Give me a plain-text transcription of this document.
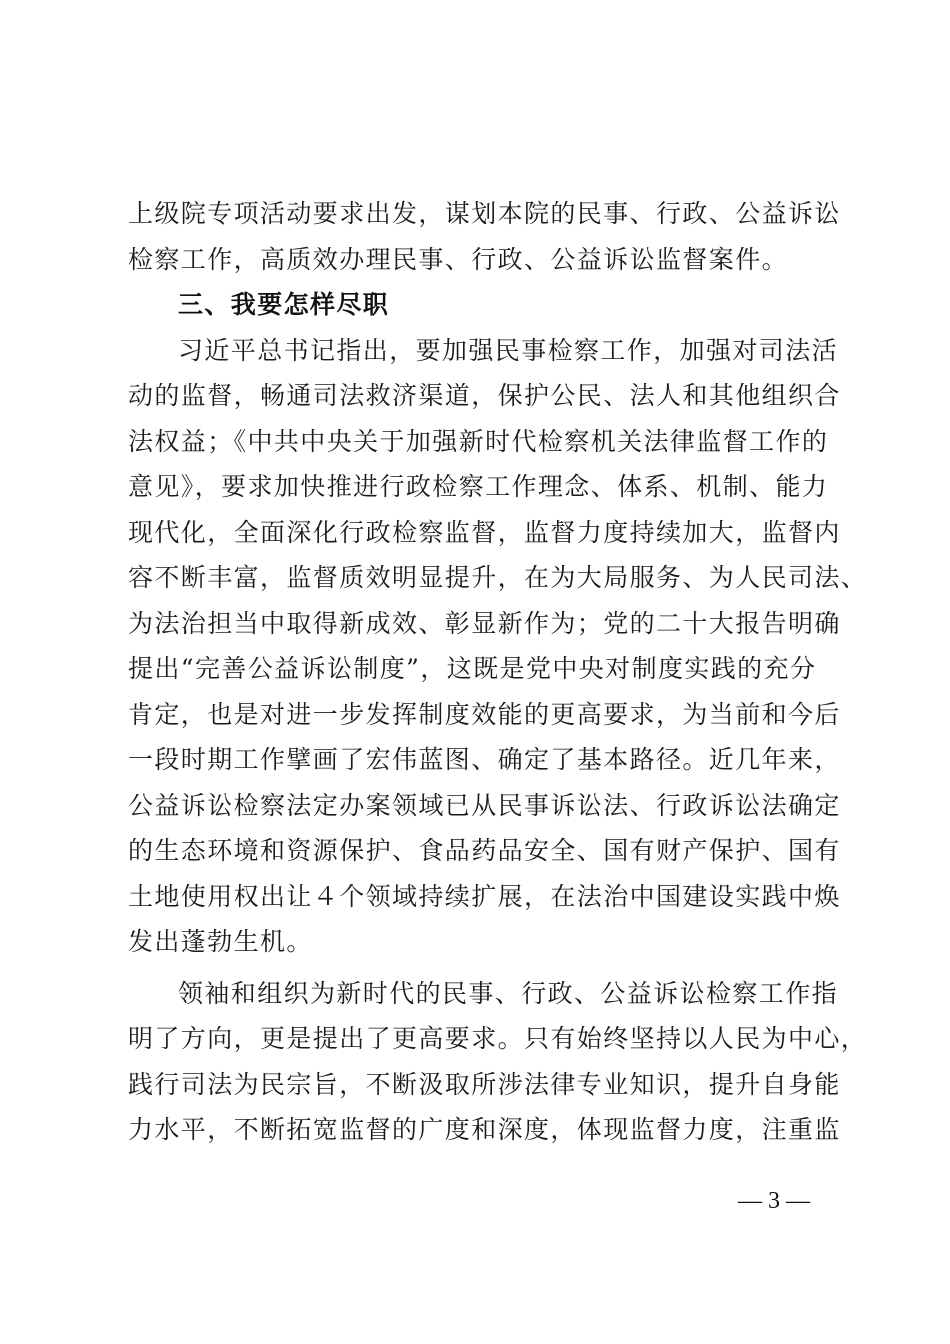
上级院专项活动要求出发，谋划本院的民事、行政、公益诉讼
检察工作，高质效办理民事、行政、公益诉讼监督案件。
三、我要怎样尽职
习近平总书记指出，要加强民事检察工作，加强对司法活
动的监督，畅通司法救济渠道，保护公民、法人和其他组织合
法权益；《中共中央关于加强新时代检察机关法律监督工作的
意见》，要求加快推进行政检察工作理念、体系、机制、能力
现代化，全面深化行政检察监督，监督力度持续加大，监督内
容不断丰富，监督质效明显提升，在为大局服务、为人民司法、
为法治担当中取得新成效、彰显新作为；党的二十大报告明确
提出“完善公益诉讼制度”，这既是党中央对制度实践的充分
肯定，也是对进一步发挥制度效能的更高要求，为当前和今后
一段时期工作擘画了宏伟蓝图、确定了基本路径。近几年来，
公益诉讼检察法定办案领域已从民事诉讼法、行政诉讼法确定
的生态环境和资源保护、食品药品安全、国有财产保护、国有
土地使用权出让４个领域持续扩展，在法治中国建设实践中焕
发出蓬勃生机。
领袖和组织为新时代的民事、行政、公益诉讼检察工作指
明了方向，更是提出了更高要求。只有始终坚持以人民为中心，
践行司法为民宗旨，不断汲取所涉法律专业知识，提升自身能
力水平，不断拓宽监督的广度和深度，体现监督力度，注重监
— 3 —
